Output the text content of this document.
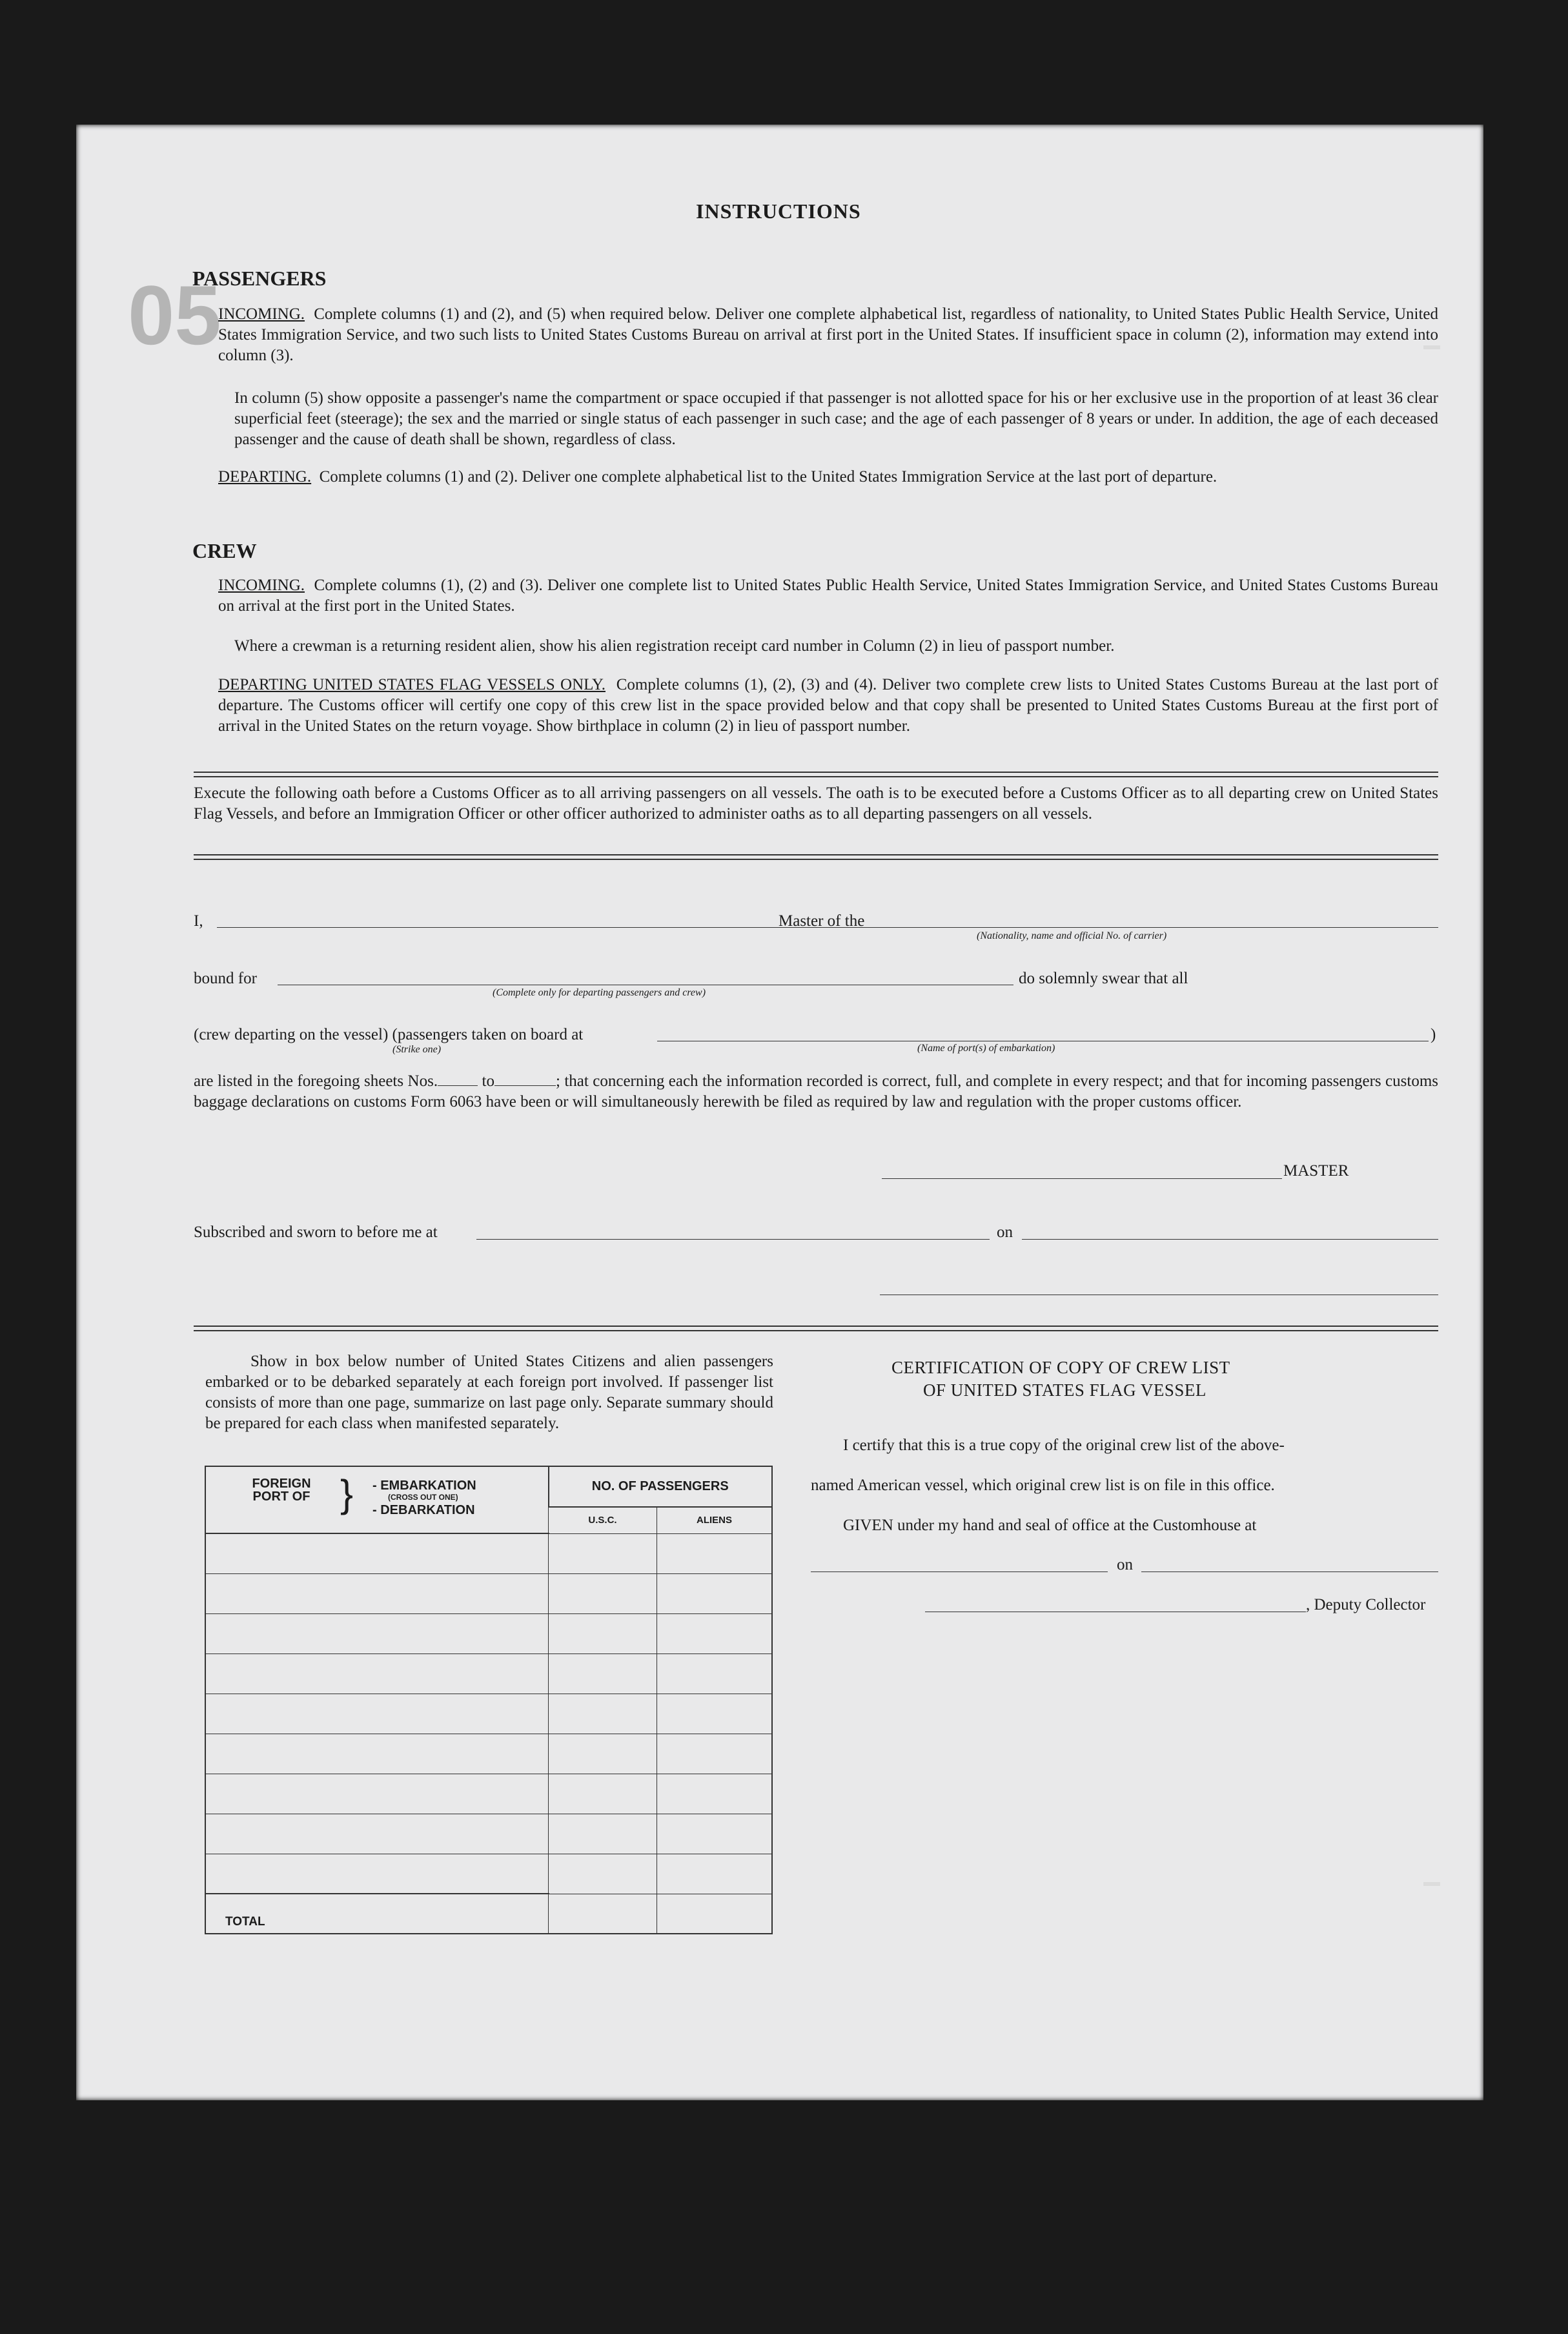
INSTRUCTIONS
05
PASSENGERS
INCOMING. Complete columns (1) and (2), and (5) when required below. Deliver one complete alphabetical list, regardless of nationality, to United States Public Health Service, United States Immigration Service, and two such lists to United States Customs Bureau on arrival at first port in the United States. If insufficient space in column (2), information may extend into column (3).
In column (5) show opposite a passenger's name the compartment or space occupied if that passenger is not allotted space for his or her exclusive use in the proportion of at least 36 clear superficial feet (steerage); the sex and the married or single status of each passenger in such case; and the age of each passenger of 8 years or under. In addition, the age of each deceased passenger and the cause of death shall be shown, regardless of class.
DEPARTING. Complete columns (1) and (2). Deliver one complete alphabetical list to the United States Immigration Service at the last port of departure.
CREW
INCOMING. Complete columns (1), (2) and (3). Deliver one complete list to United States Public Health Service, United States Immigration Service, and United States Customs Bureau on arrival at the first port in the United States.
Where a crewman is a returning resident alien, show his alien registration receipt card number in Column (2) in lieu of passport number.
DEPARTING UNITED STATES FLAG VESSELS ONLY. Complete columns (1), (2), (3) and (4). Deliver two complete crew lists to United States Customs Bureau at the last port of departure. The Customs officer will certify one copy of this crew list in the space provided below and that copy shall be presented to United States Customs Bureau at the first port of arrival in the United States on the return voyage. Show birthplace in column (2) in lieu of passport number.
Execute the following oath before a Customs Officer as to all arriving passengers on all vessels. The oath is to be executed before a Customs Officer as to all departing crew on United States Flag Vessels, and before an Immigration Officer or other officer authorized to administer oaths as to all departing passengers on all vessels.
I,	Master of the
(Nationality, name and official No. of carrier)
bound for
(Complete only for departing passengers and crew)
do solemnly swear that all
(crew departing on the vessel) (passengers taken on board at	)
(Strike one)	(Name of port(s) of embarkation)
are listed in the foregoing sheets Nos.	to	; that concerning each the information recorded is correct, full, and complete in every respect; and that for incoming passengers customs baggage declarations on customs Form 6063 have been or will simultaneously herewith be filed as required by law and regulation with the proper customs officer.
MASTER
Subscribed and sworn to before me at	on
Show in box below number of United States Citizens and alien passengers embarked or to be debarked separately at each foreign port involved. If passenger list consists of more than one page, summarize on last page only. Separate summary should be prepared for each class when manifested separately.
FOREIGN PORT OF } - EMBARKATION
(CROSS OUT ONE)
- DEBARKATION	NO. OF PASSENGERS	
	U.S.C.	ALIENS

TOTAL		
CERTIFICATION OF COPY OF CREW LIST
OF UNITED STATES FLAG VESSEL
I certify that this is a true copy of the original crew list of the above-
named American vessel, which original crew list is on file in this office.
GIVEN under my hand and seal of office at the Customhouse at
on
, Deputy Collector
